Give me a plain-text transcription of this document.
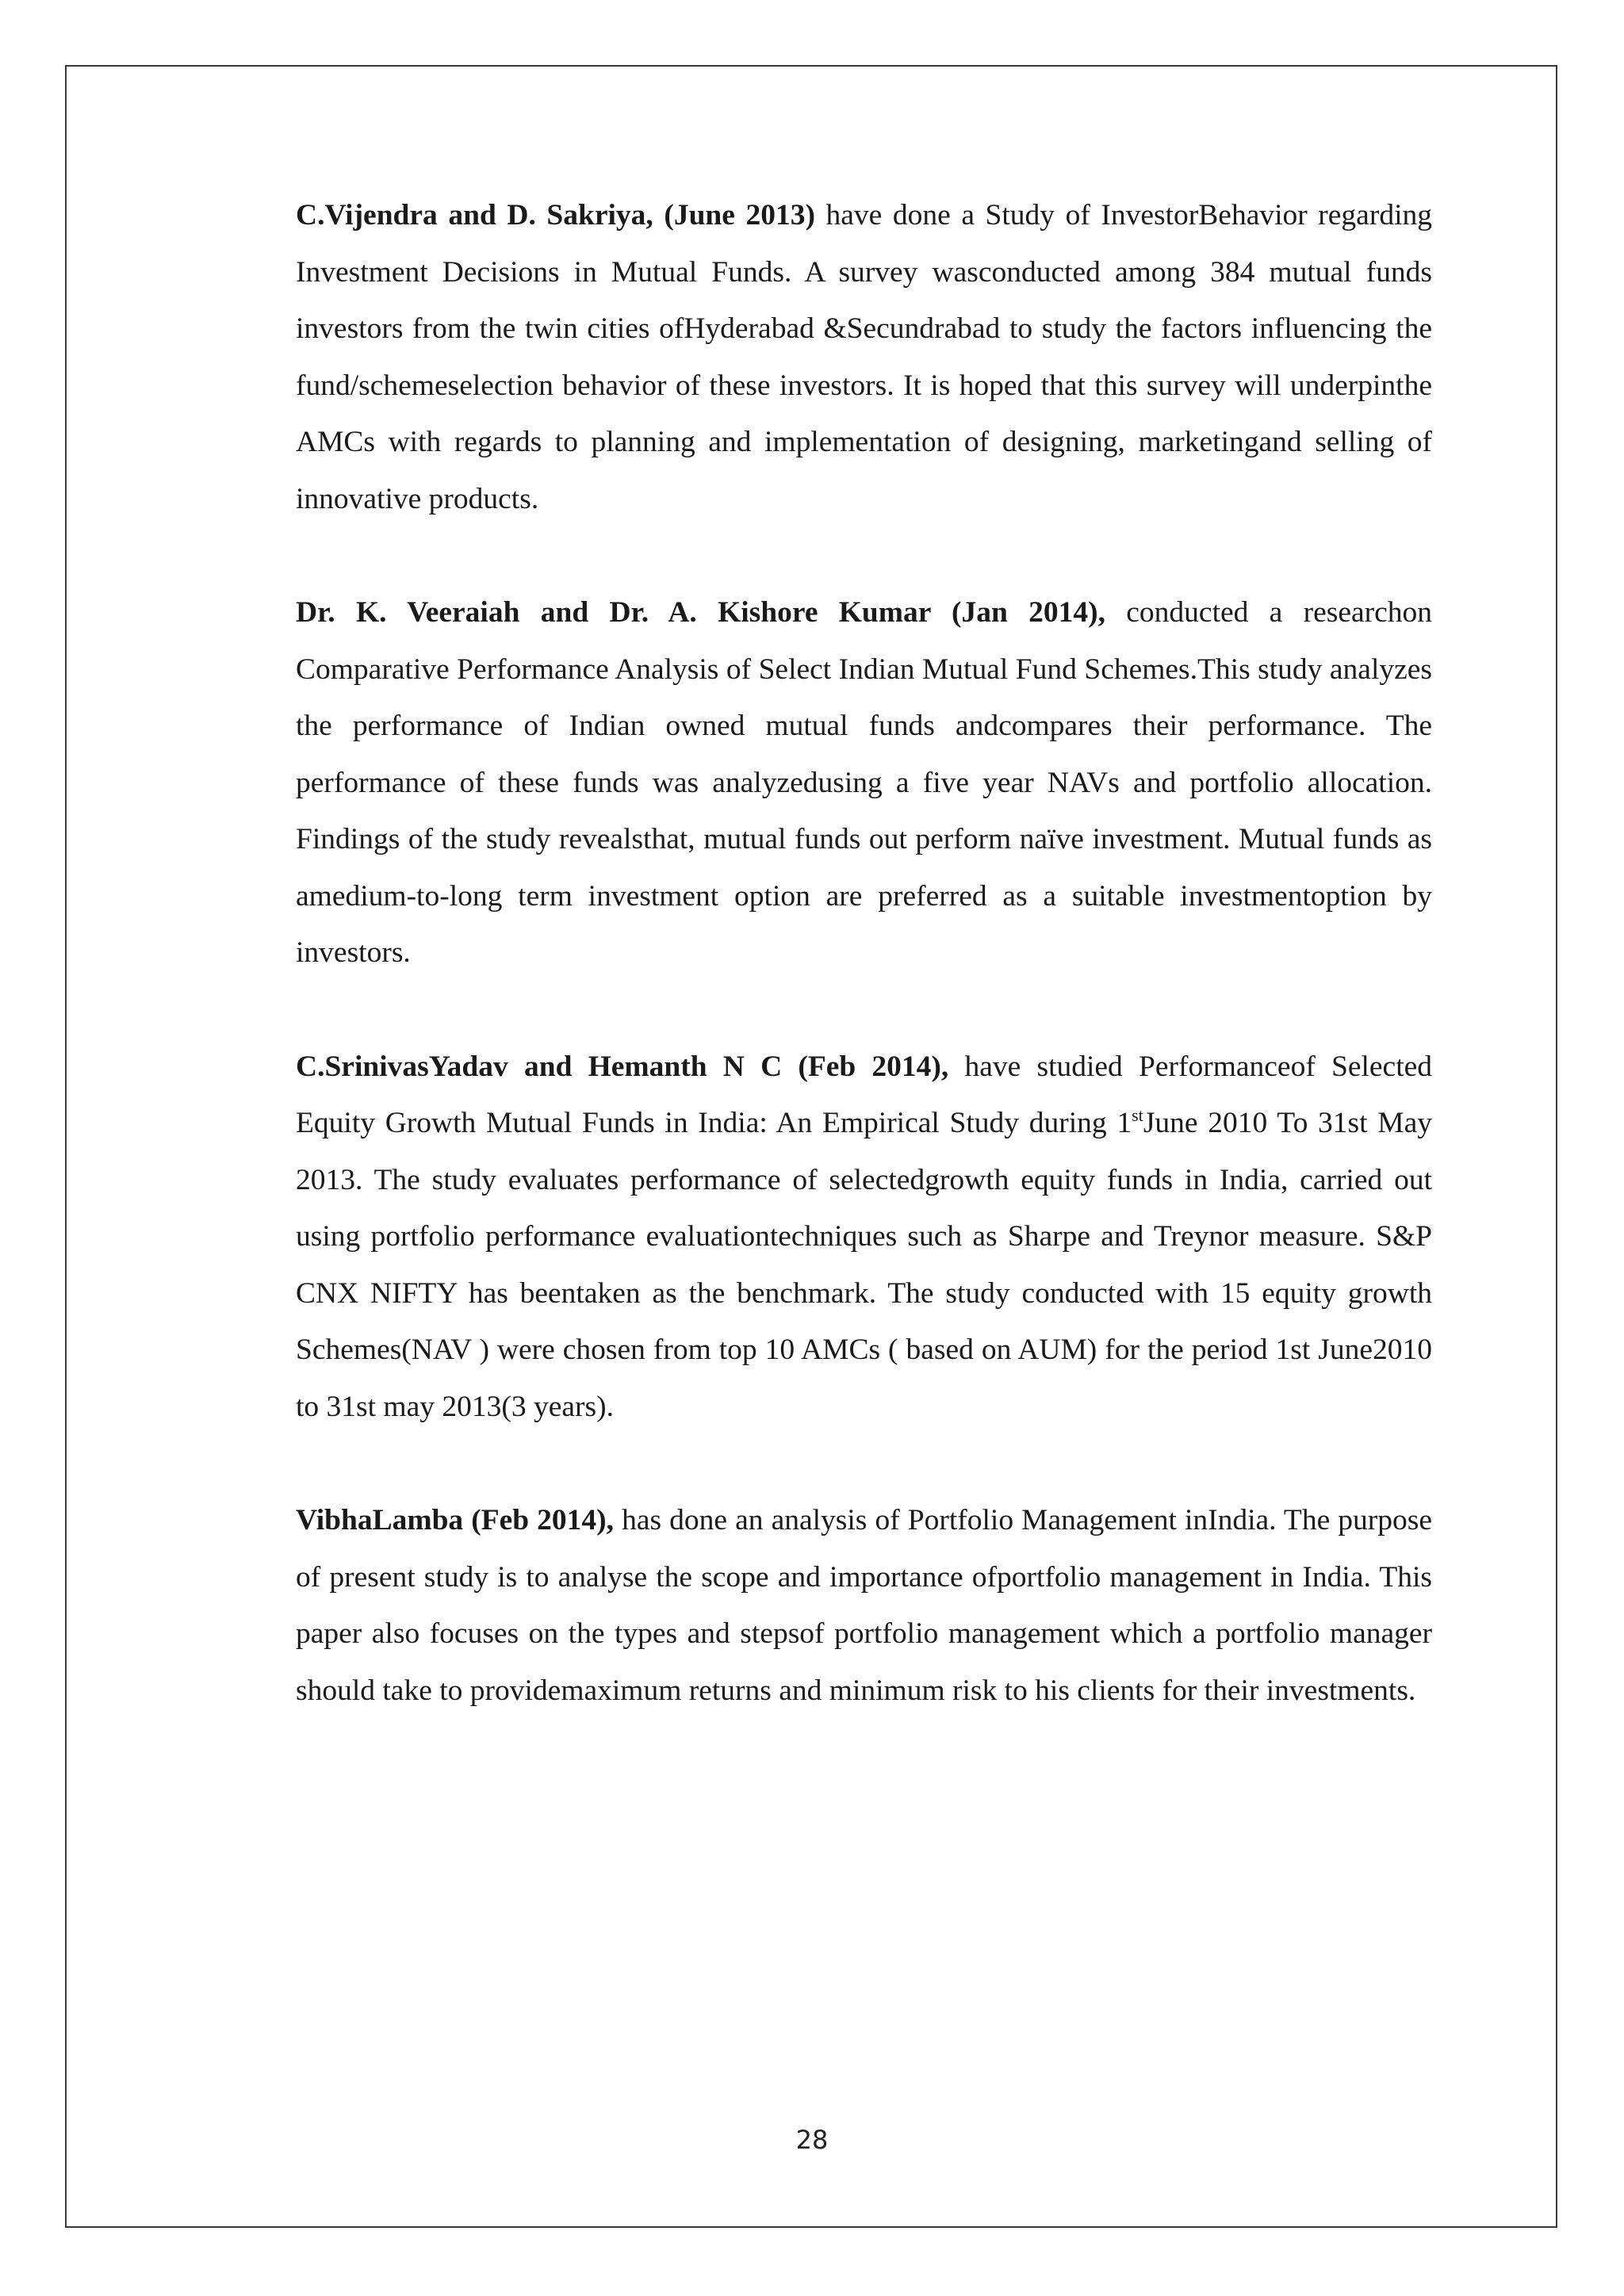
C.Vijendra and D. Sakriya, (June 2013) have done a Study of InvestorBehavior regarding Investment Decisions in Mutual Funds. A survey wasconducted among 384 mutual funds investors from the twin cities ofHyderabad &Secundrabad to study the factors influencing the fund/schemeselection behavior of these investors. It is hoped that this survey will underpinthe AMCs with regards to planning and implementation of designing, marketingand selling of innovative products.

Dr. K. Veeraiah and Dr. A. Kishore Kumar (Jan 2014), conducted a researchon Comparative Performance Analysis of Select Indian Mutual Fund Schemes.This study analyzes the performance of Indian owned mutual funds andcompares their performance. The performance of these funds was analyzedusing a five year NAVs and portfolio allocation. Findings of the study revealsthat, mutual funds out perform naïve investment. Mutual funds as amedium-to-long term investment option are preferred as a suitable investmentoption by investors.

C.SrinivasYadav and Hemanth N C (Feb 2014), have studied Performanceof Selected Equity Growth Mutual Funds in India: An Empirical Study during 1stJune 2010 To 31st May 2013. The study evaluates performance of selectedgrowth equity funds in India, carried out using portfolio performance evaluationtechniques such as Sharpe and Treynor measure. S&P CNX NIFTY has beentaken as the benchmark. The study conducted with 15 equity growth Schemes(NAV ) were chosen from top 10 AMCs ( based on AUM) for the period 1st June2010 to 31st may 2013(3 years).

VibhaLamba (Feb 2014), has done an analysis of Portfolio Management inIndia. The purpose of present study is to analyse the scope and importance ofportfolio management in India. This paper also focuses on the types and stepsof portfolio management which a portfolio manager should take to providemaximum returns and minimum risk to his clients for their investments.

28
